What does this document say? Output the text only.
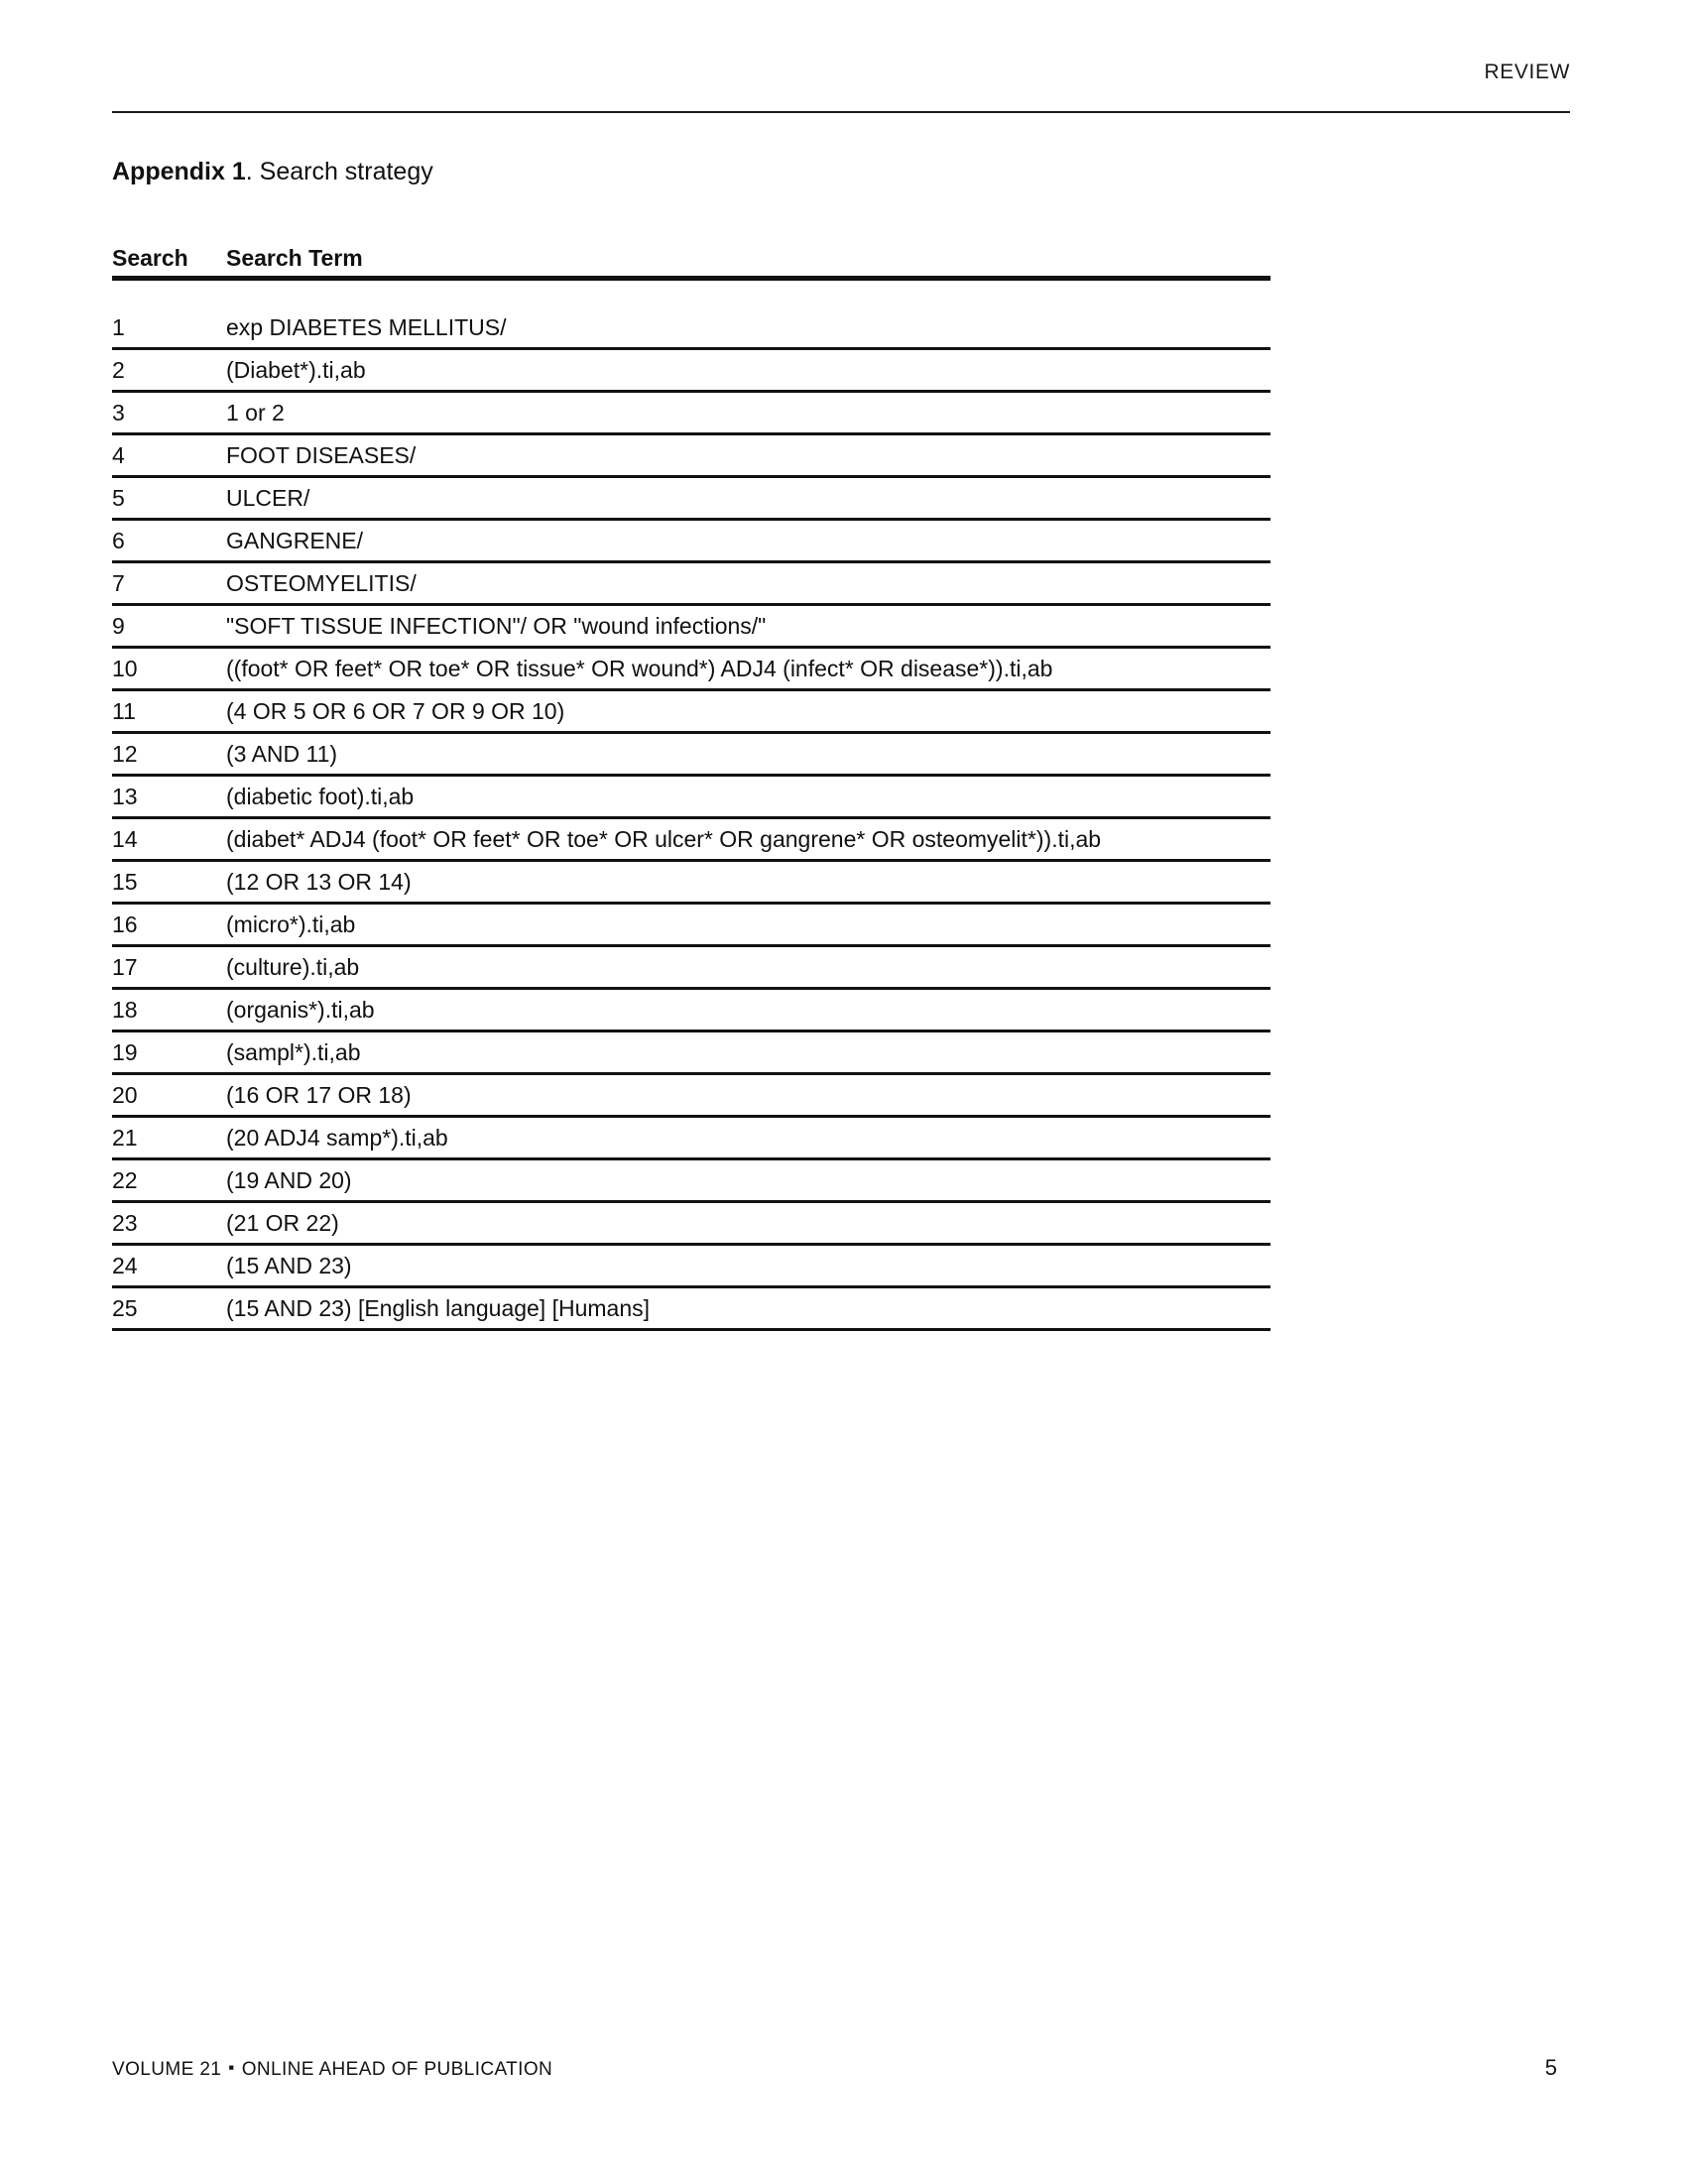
REVIEW
Appendix 1. Search strategy
Search	Search Term
1	exp DIABETES MELLITUS/
2	(Diabet*).ti,ab
3	1 or 2
4	FOOT DISEASES/
5	ULCER/
6	GANGRENE/
7	OSTEOMYELITIS/
9	"SOFT TISSUE INFECTION"/ OR "wound infections/"
10	((foot* OR feet* OR toe* OR tissue* OR wound*) ADJ4 (infect* OR disease*)).ti,ab
11	(4 OR 5 OR 6 OR 7 OR 9 OR 10)
12	(3 AND 11)
13	(diabetic foot).ti,ab
14	(diabet* ADJ4 (foot* OR feet* OR toe* OR ulcer* OR gangrene* OR osteomyelit*)).ti,ab
15	(12 OR 13 OR 14)
16	(micro*).ti,ab
17	(culture).ti,ab
18	(organis*).ti,ab
19	(sampl*).ti,ab
20	(16 OR 17 OR 18)
21	(20 ADJ4 samp*).ti,ab
22	(19 AND 20)
23	(21 OR 22)
24	(15 AND 23)
25	(15 AND 23) [English language] [Humans]
VOLUME 21 ▪ ONLINE AHEAD OF PUBLICATION	5
